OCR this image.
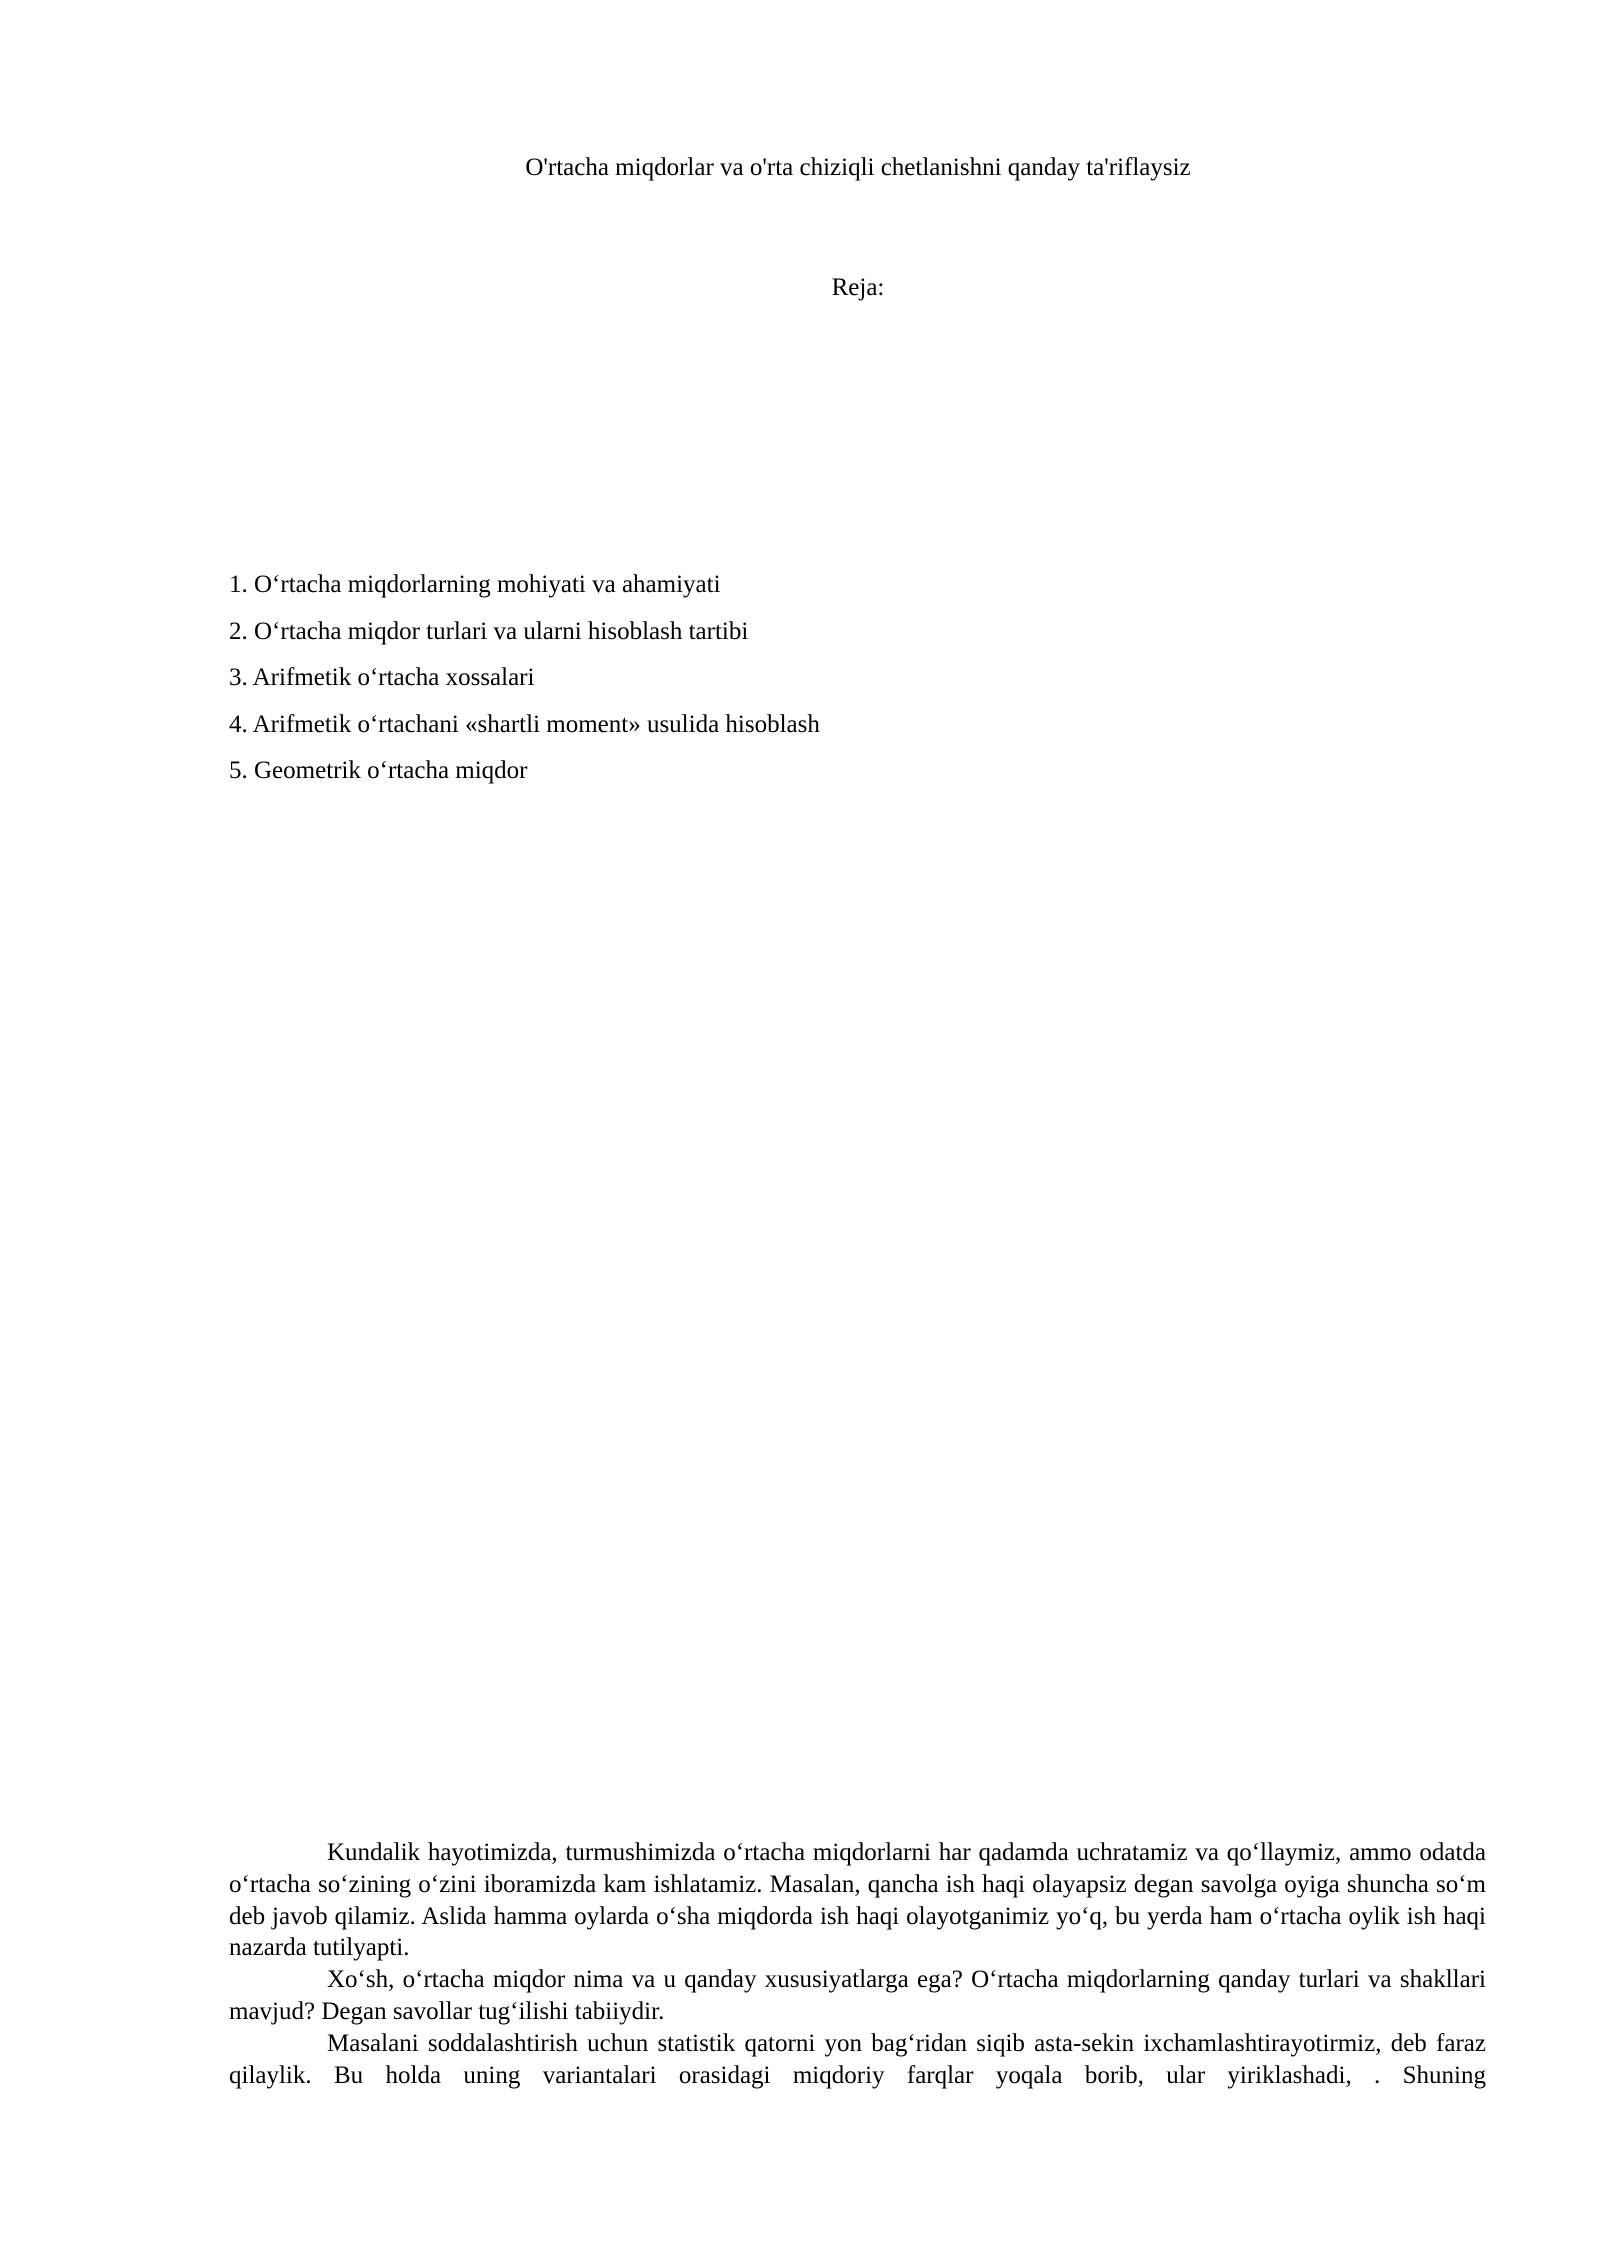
O'rtacha miqdorlar va o'rta chiziqli chetlanishni qanday ta'riflaysiz
Reja:
1. O‘rtacha miqdorlarning mohiyati va ahamiyati
2. O‘rtacha miqdor turlari va ularni hisoblash tartibi
3. Arifmetik o‘rtacha xossalari
4. Arifmetik o‘rtachani «shartli moment» usulida hisoblash
5. Geometrik o‘rtacha miqdor

Kundalik hayotimizda, turmushimizda o‘rtacha miqdorlarni har qadamda uchratamiz va qo‘llaymiz, ammo odatda o‘rtacha so‘zining o‘zini iboramizda kam ishlatamiz. Masalan, qancha ish haqi olayapsiz degan savolga oyiga shuncha so‘m deb javob qilamiz. Aslida hamma oylarda o‘sha miqdorda ish haqi olayotganimiz yo‘q, bu yerda ham o‘rtacha oylik ish haqi nazarda tutilyapti.

Xo‘sh, o‘rtacha miqdor nima va u qanday xususiyatlarga ega? O‘rtacha miqdorlarning qanday turlari va shakllari mavjud? Degan savollar tug‘ilishi tabiiydir.

Masalani soddalashtirish uchun statistik qatorni yon bag‘ridan siqib asta-sekin ixchamlashtirayotirmiz, deb faraz qilaylik. Bu holda uning variantalari orasidagi miqdoriy farqlar yoqala borib, ular yiriklashadi, . Shuning
